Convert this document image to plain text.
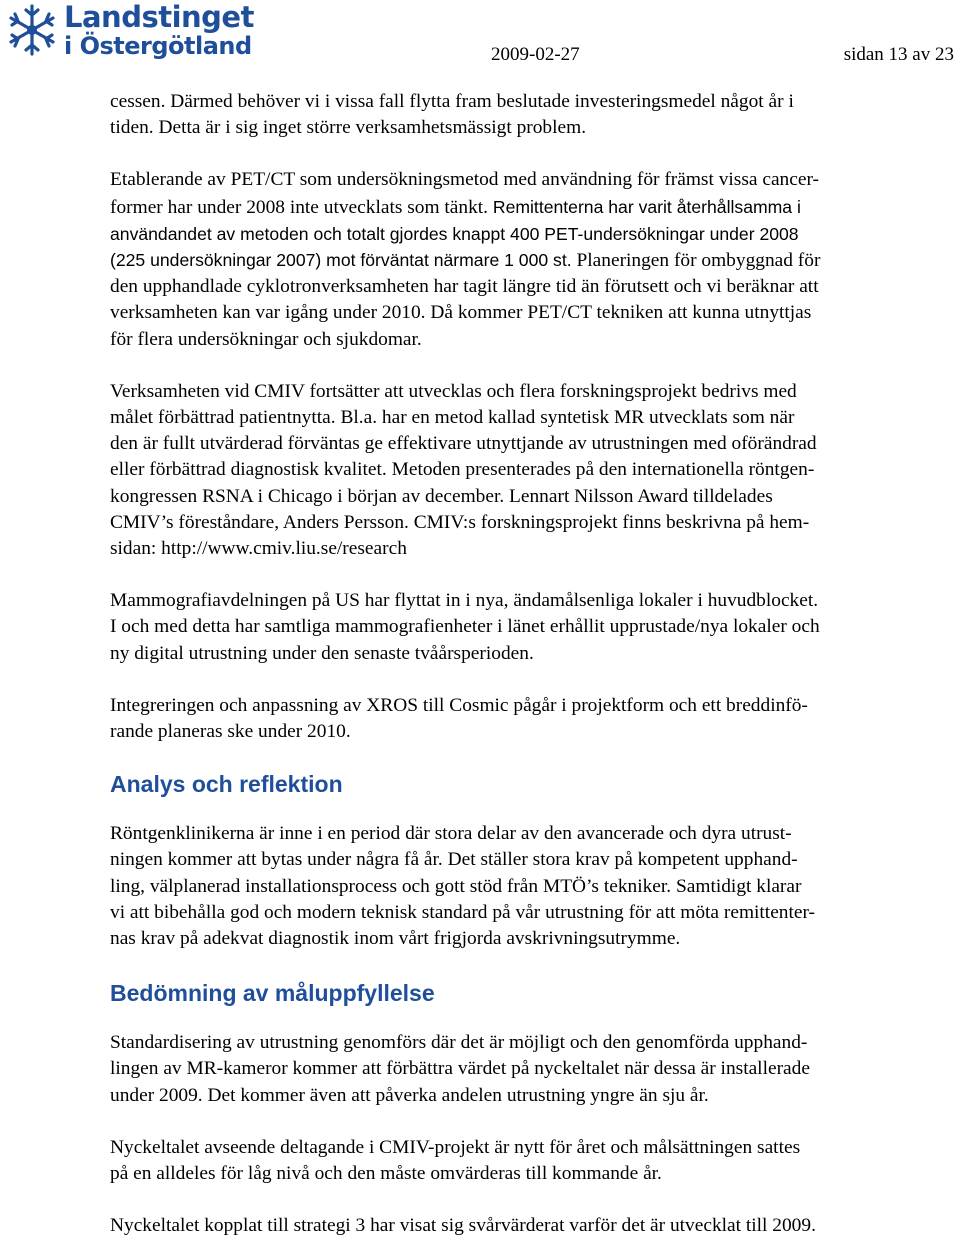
Landstinget
i Östergötland	2009-02-27	sidan 13 av 23

cessen. Därmed behöver vi i vissa fall flytta fram beslutade investeringsmedel något år i
tiden. Detta är i sig inget större verksamhetsmässigt problem.

Etablerande av PET/CT som undersökningsmetod med användning för främst vissa cancer-
former har under 2008 inte utvecklats som tänkt. Remittenterna har varit återhållsamma i
användandet av metoden och totalt gjordes knappt 400 PET-undersökningar under 2008
(225 undersökningar 2007) mot förväntat närmare 1 000 st. Planeringen för ombyggnad för
den upphandlade cyklotronverksamheten har tagit längre tid än förutsett och vi beräknar att
verksamheten kan var igång under 2010. Då kommer PET/CT tekniken att kunna utnyttjas
för flera undersökningar och sjukdomar.

Verksamheten vid CMIV fortsätter att utvecklas och flera forskningsprojekt bedrivs med
målet förbättrad patientnytta. Bl.a. har en metod kallad syntetisk MR utvecklats som när
den är fullt utvärderad förväntas ge effektivare utnyttjande av utrustningen med oförändrad
eller förbättrad diagnostisk kvalitet. Metoden presenterades på den internationella röntgen-
kongressen RSNA i Chicago i början av december. Lennart Nilsson Award tilldelades
CMIV’s föreståndare, Anders Persson. CMIV:s forskningsprojekt finns beskrivna på hem-
sidan: http://www.cmiv.liu.se/research

Mammografiavdelningen på US har flyttat in i nya, ändamålsenliga lokaler i huvudblocket.
I och med detta har samtliga mammografienheter i länet erhållit upprustade/nya lokaler och
ny digital utrustning under den senaste tvåårsperioden.

Integreringen och anpassning av XROS till Cosmic pågår i projektform och ett breddinfö-
rande planeras ske under 2010.

Analys och reflektion

Röntgenklinikerna är inne i en period där stora delar av den avancerade och dyra utrust-
ningen kommer att bytas under några få år. Det ställer stora krav på kompetent upphand-
ling, välplanerad installationsprocess och gott stöd från MTÖ’s tekniker. Samtidigt klarar
vi att bibehålla god och modern teknisk standard på vår utrustning för att möta remittenter-
nas krav på adekvat diagnostik inom vårt frigjorda avskrivningsutrymme.

Bedömning av måluppfyllelse

Standardisering av utrustning genomförs där det är möjligt och den genomförda upphand-
lingen av MR-kameror kommer att förbättra värdet på nyckeltalet när dessa är installerade
under 2009. Det kommer även att påverka andelen utrustning yngre än sju år.

Nyckeltalet avseende deltagande i CMIV-projekt är nytt för året och målsättningen sattes
på en alldeles för låg nivå och den måste omvärderas till kommande år.

Nyckeltalet kopplat till strategi 3 har visat sig svårvärderat varför det är utvecklat till 2009.
